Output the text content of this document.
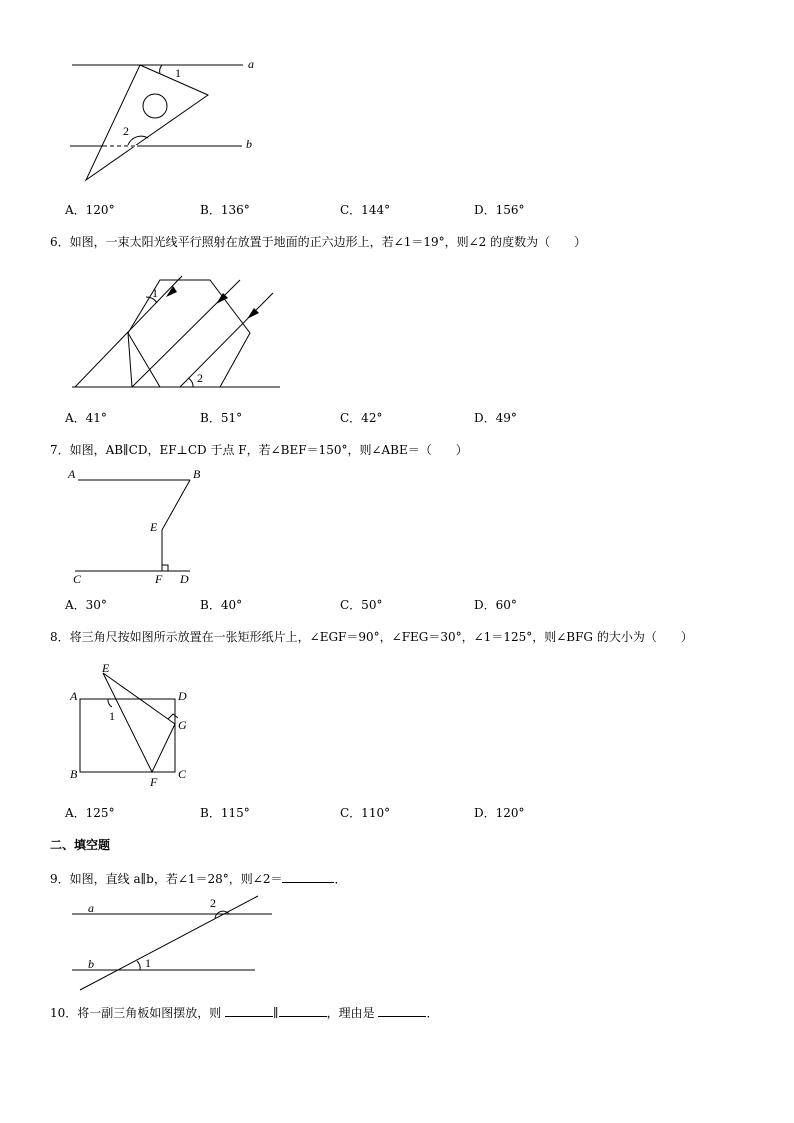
a
b
1
2
A．120°	B．136°	C．144°	D．156°
6．如图，一束太阳光线平行照射在放置于地面的正六边形上，若∠1＝19°，则∠2 的度数为（　　）
1
2
A．41°	B．51°	C．42°	D．49°
7．如图，AB∥CD，EF⊥CD 于点 F，若∠BEF＝150°，则∠ABE＝（　　）
A	B
E
C	F D
A．30°	B．40°	C．50°	D．60°
8．将三角尺按如图所示放置在一张矩形纸片上，∠EGF＝90°，∠FEG＝30°，∠1＝125°，则∠BFG 的大小为（　　）
E
A	D
G
B	C
F
1
A．125°	B．115°	C．110°	D．120°
二、填空题
9．如图，直线 a∥b，若∠1＝28°，则∠2＝	．
a
b	1
2
10．将一副三角板如图摆放，则	∥	，理由是	．
